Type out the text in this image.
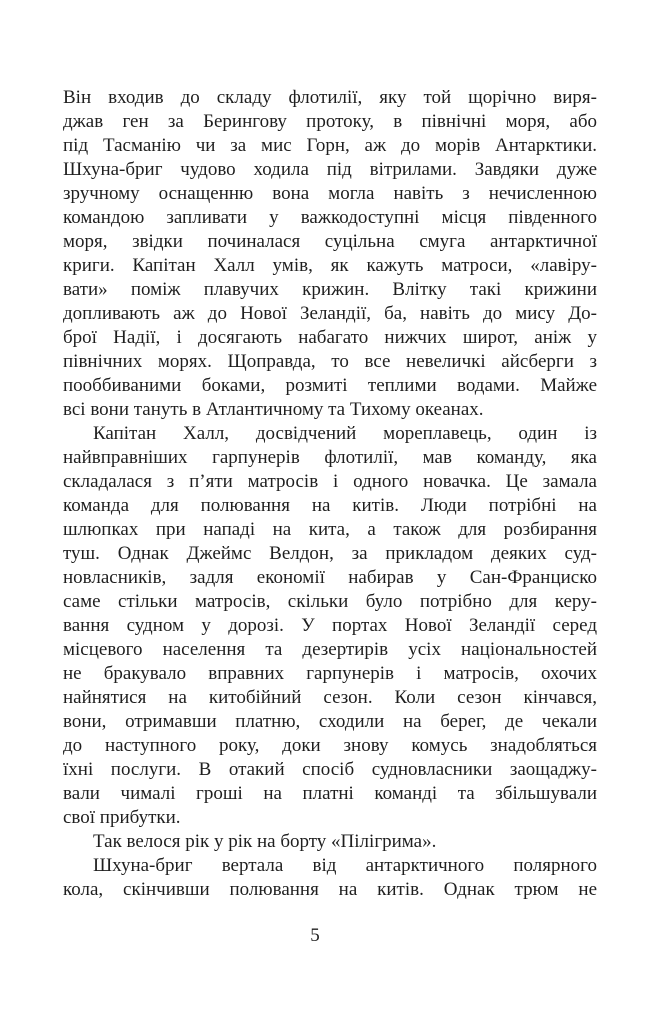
Він входив до складу флотилії, яку той щорічно виря-
джав ген за Берингову протоку, в північні моря, або
під Тасманію чи за мис Горн, аж до морів Антарктики.
Шхуна-бриг чудово ходила під вітрилами. Завдяки дуже
зручному оснащенню вона могла навіть з нечисленною
командою запливати у важкодоступні місця південного
моря, звідки починалася суцільна смуга антарктичної
криги. Капітан Халл умів, як кажуть матроси, «лавіру-
вати» поміж плавучих крижин. Влітку такі крижини
допливають аж до Нової Зеландії, ба, навіть до мису До-
брої Надії, і досягають набагато нижчих широт, аніж у
північних морях. Щоправда, то все невеличкі айсберги з
пооббиваними боками, розмиті теплими водами. Майже
всі вони тануть в Атлантичному та Тихому океанах.
Капітан Халл, досвідчений мореплавець, один із
найвправніших гарпунерів флотилії, мав команду, яка
складалася з п’яти матросів і одного новачка. Це замала
команда для полювання на китів. Люди потрібні на
шлюпках при нападі на кита, а також для розбирання
туш. Однак Джеймс Велдон, за прикладом деяких суд-
новласників, задля економії набирав у Сан-Франциско
саме стільки матросів, скільки було потрібно для керу-
вання судном у дорозі. У портах Нової Зеландії серед
місцевого населення та дезертирів усіх національностей
не бракувало вправних гарпунерів і матросів, охочих
найнятися на китобійний сезон. Коли сезон кінчався,
вони, отримавши платню, сходили на берег, де чекали
до наступного року, доки знову комусь знадобляться
їхні послуги. В отакий спосіб судновласники заощаджу-
вали чималі гроші на платні команді та збільшували
свої прибутки.
Так велося рік у рік на борту «Пілігрима».
Шхуна-бриг вертала від антарктичного полярного
кола, скінчивши полювання на китів. Однак трюм не
5
